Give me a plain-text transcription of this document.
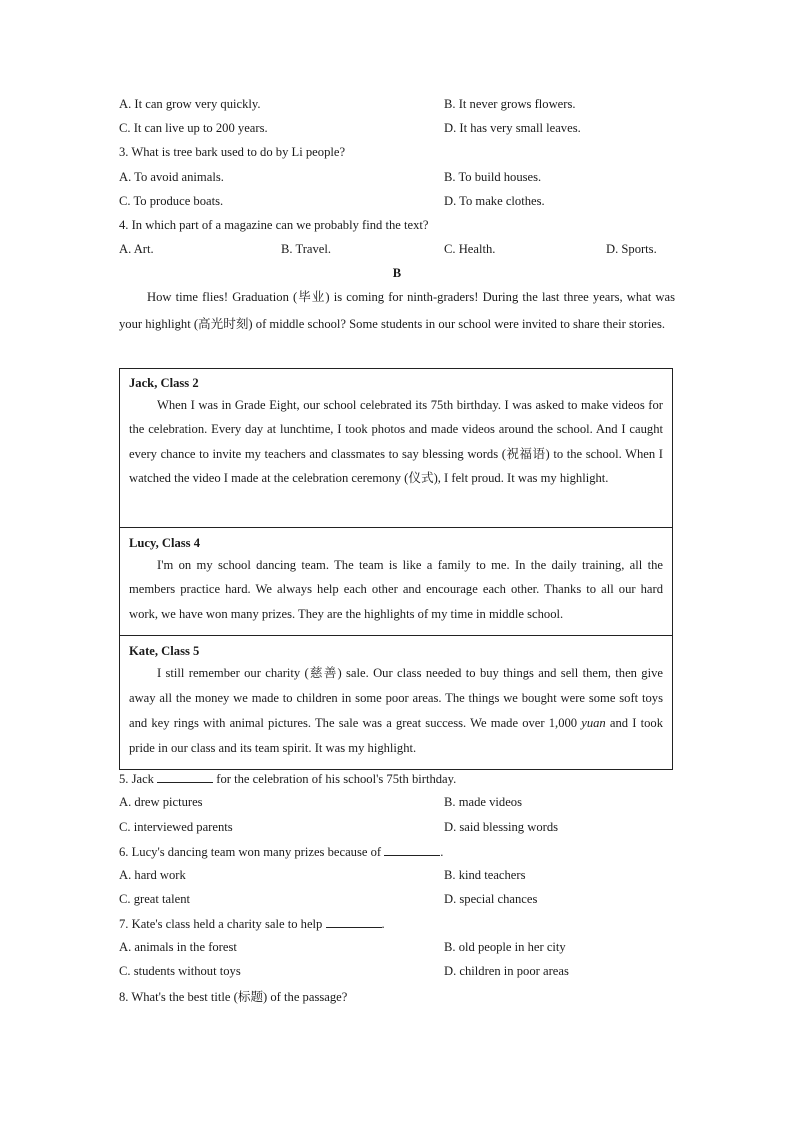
A. It can grow very quickly.	B. It never grows flowers.
C. It can live up to 200 years.	D. It has very small leaves.
3. What is tree bark used to do by Li people?
A. To avoid animals.	B. To build houses.
C. To produce boats.	D. To make clothes.
4. In which part of a magazine can we probably find the text?
A. Art.	B. Travel.	C. Health.	D. Sports.
B
How time flies! Graduation (毕业) is coming for ninth-graders! During the last three years, what was your highlight (高光时刻) of middle school? Some students in our school were invited to share their stories.
Jack, Class 2
When I was in Grade Eight, our school celebrated its 75th birthday. I was asked to make videos for the celebration. Every day at lunchtime, I took photos and made videos around the school. And I caught every chance to invite my teachers and classmates to say blessing words (祝福语) to the school. When I watched the video I made at the celebration ceremony (仪式), I felt proud. It was my highlight.
Lucy, Class 4
I'm on my school dancing team. The team is like a family to me. In the daily training, all the members practice hard. We always help each other and encourage each other. Thanks to all our hard work, we have won many prizes. They are the highlights of my time in middle school.
Kate, Class 5
I still remember our charity (慈善) sale. Our class needed to buy things and sell them, then give away all the money we made to children in some poor areas. The things we bought were some soft toys and key rings with animal pictures. The sale was a great success. We made over 1,000 yuan and I took pride in our class and its team spirit. It was my highlight.
5. Jack	for the celebration of his school's 75th birthday.
A. drew pictures	B. made videos
C. interviewed parents	D. said blessing words
6. Lucy's dancing team won many prizes because of	.
A. hard work	B. kind teachers
C. great talent	D. special chances
7. Kate's class held a charity sale to help	.
A. animals in the forest	B. old people in her city
C. students without toys	D. children in poor areas
8. What's the best title (标题) of the passage?
